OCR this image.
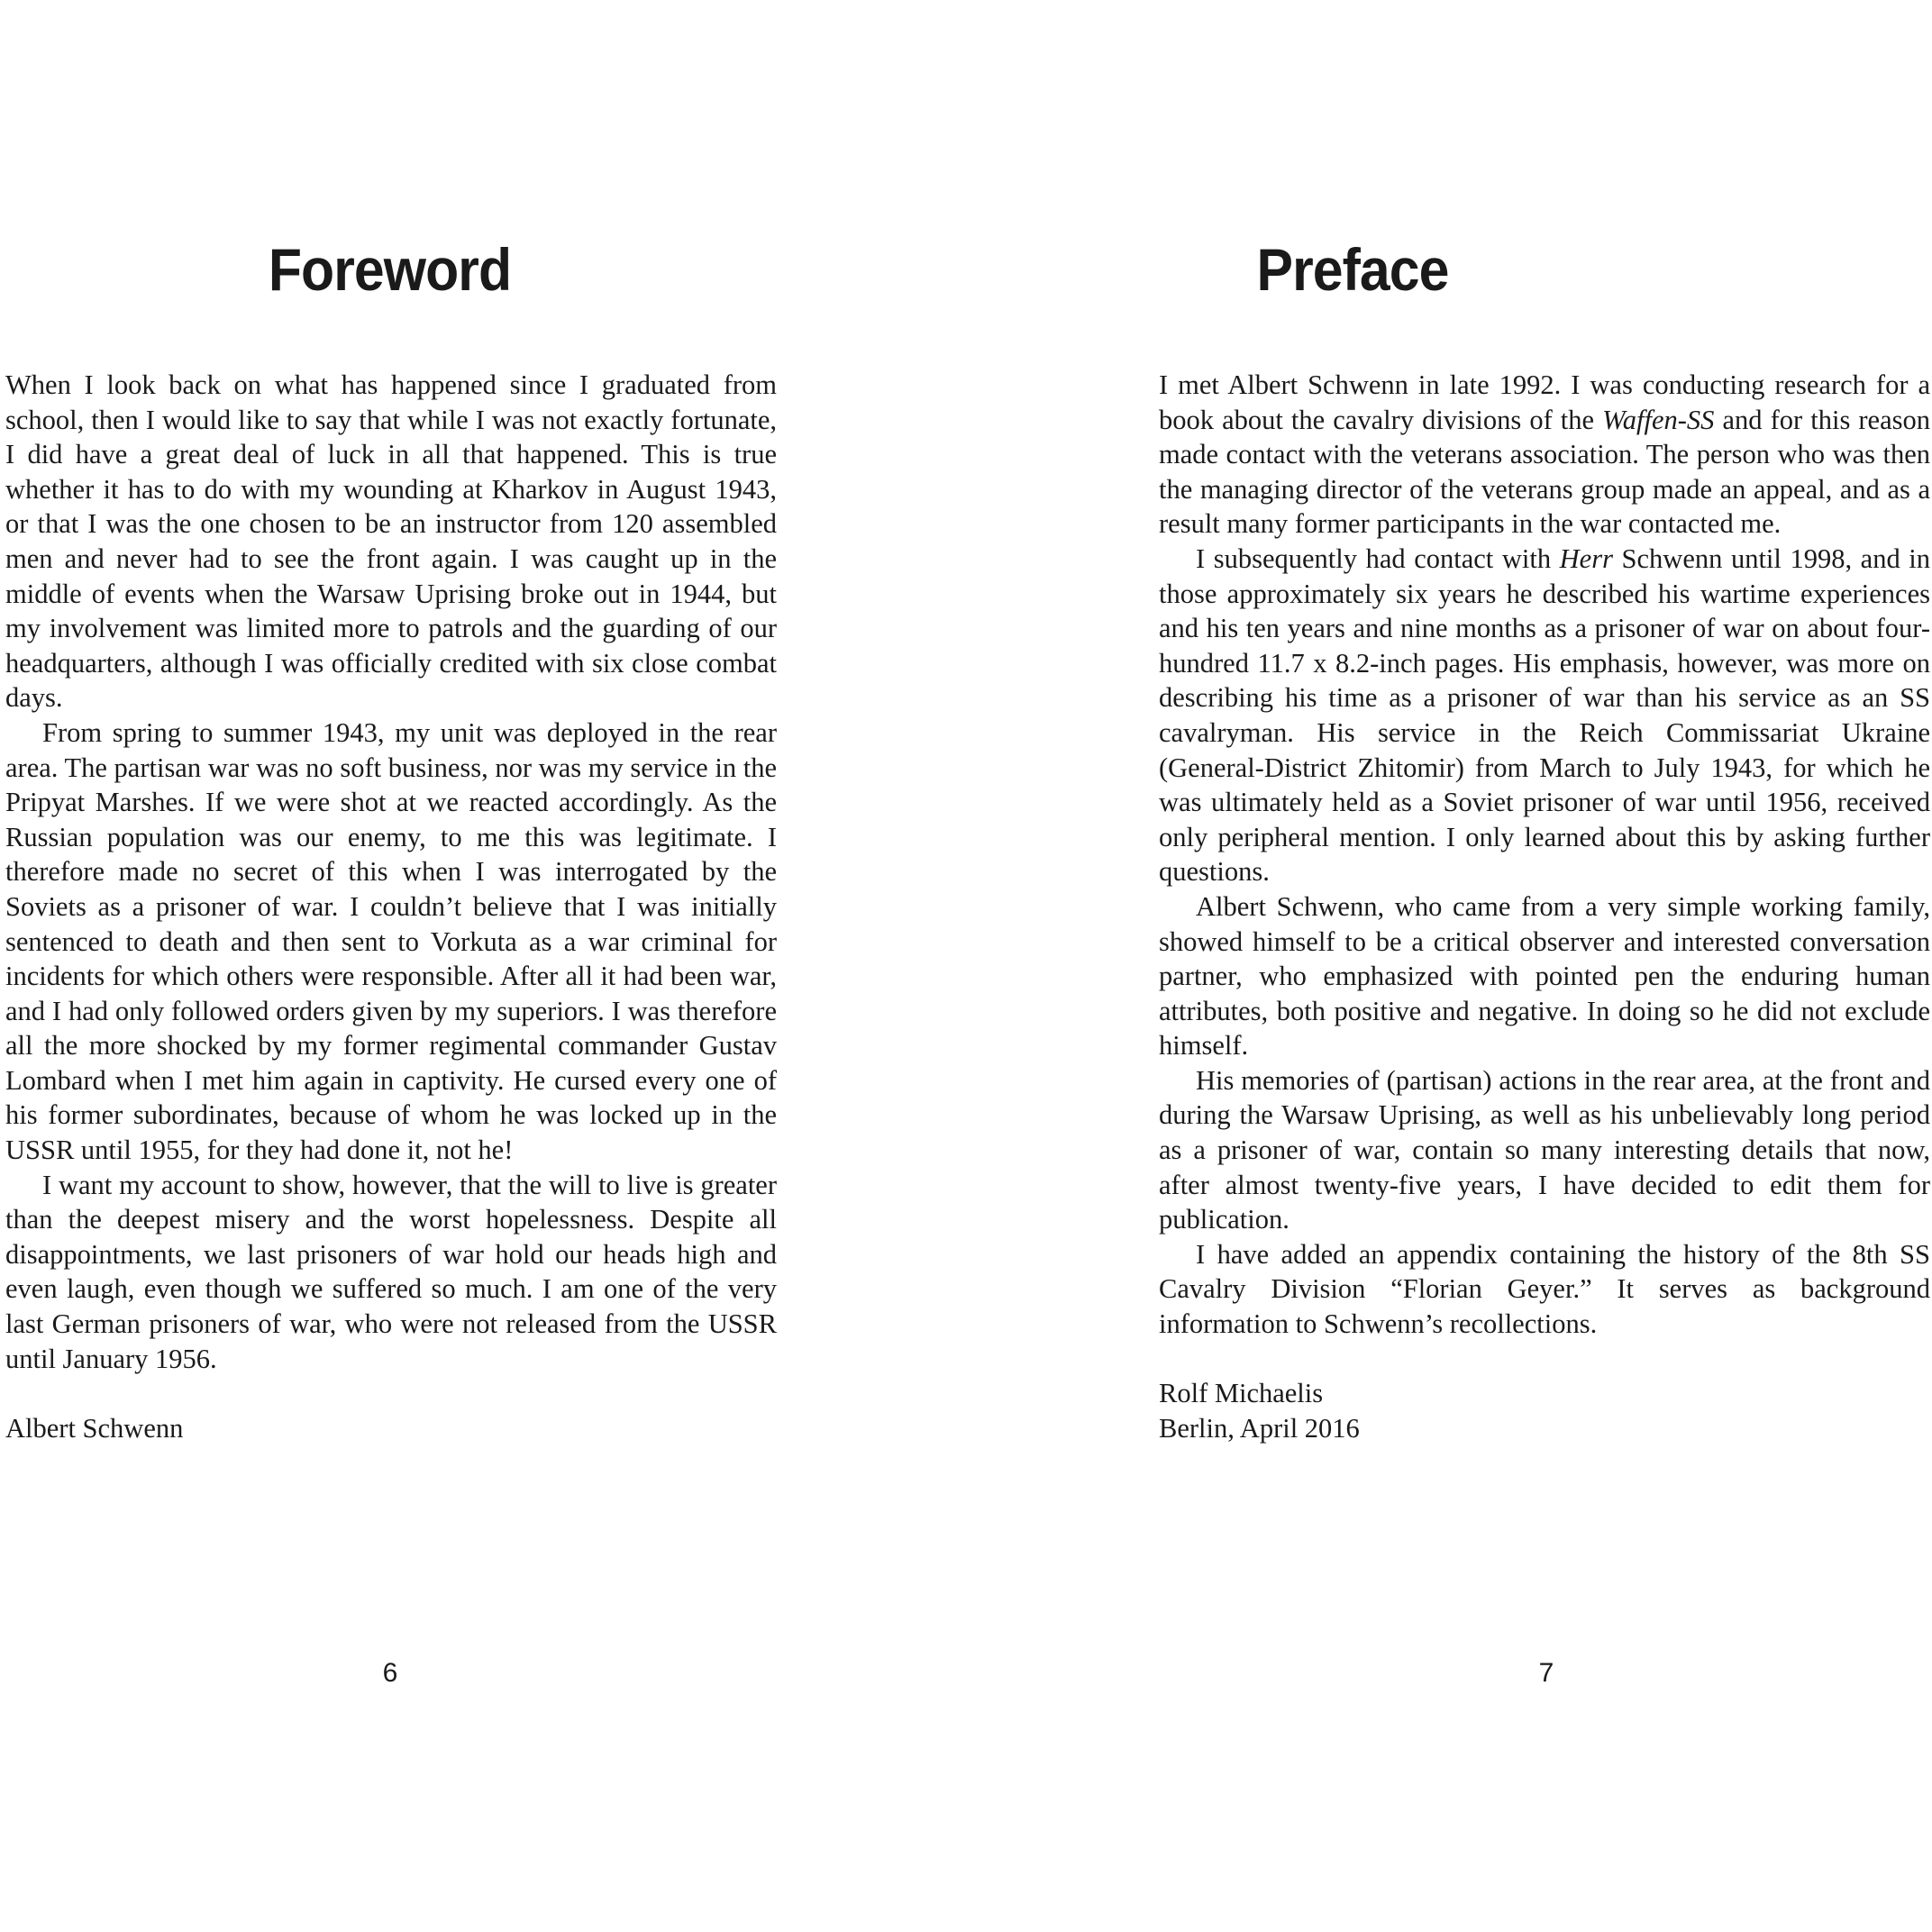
Foreword

When I look back on what has happened since I graduated from school, then I would like to say that while I was not exactly fortunate, I did have a great deal of luck in all that happened. This is true whether it has to do with my wounding at Kharkov in August 1943, or that I was the one chosen to be an instructor from 120 assembled men and never had to see the front again. I was caught up in the middle of events when the Warsaw Uprising broke out in 1944, but my involvement was limited more to patrols and the guarding of our headquarters, although I was officially credited with six close combat days.

From spring to summer 1943, my unit was deployed in the rear area. The partisan war was no soft business, nor was my service in the Pripyat Marshes. If we were shot at we reacted accordingly. As the Russian population was our enemy, to me this was legitimate. I therefore made no secret of this when I was interrogated by the Soviets as a prisoner of war. I couldn’t believe that I was initially sentenced to death and then sent to Vorkuta as a war criminal for incidents for which others were responsible. After all it had been war, and I had only followed orders given by my superiors. I was therefore all the more shocked by my former regimental commander Gustav Lombard when I met him again in captivity. He cursed every one of his former subordinates, because of whom he was locked up in the USSR until 1955, for they had done it, not he!

I want my account to show, however, that the will to live is greater than the deepest misery and the worst hopelessness. Despite all disappointments, we last prisoners of war hold our heads high and even laugh, even though we suffered so much. I am one of the very last German prisoners of war, who were not released from the USSR until January 1956.

Albert Schwenn
6
Preface

I met Albert Schwenn in late 1992. I was conducting research for a book about the cavalry divisions of the Waffen-SS and for this reason made contact with the veterans association. The person who was then the managing director of the veterans group made an appeal, and as a result many former participants in the war contacted me.

I subsequently had contact with Herr Schwenn until 1998, and in those approximately six years he described his wartime experiences and his ten years and nine months as a prisoner of war on about four-hundred 11.7 x 8.2-inch pages. His emphasis, however, was more on describing his time as a prisoner of war than his service as an SS cavalryman. His service in the Reich Commissariat Ukraine (General-District Zhitomir) from March to July 1943, for which he was ultimately held as a Soviet prisoner of war until 1956, received only peripheral mention. I only learned about this by asking further questions.

Albert Schwenn, who came from a very simple working family, showed himself to be a critical observer and interested conversation partner, who emphasized with pointed pen the enduring human attributes, both positive and negative. In doing so he did not exclude himself.

His memories of (partisan) actions in the rear area, at the front and during the Warsaw Uprising, as well as his unbelievably long period as a prisoner of war, contain so many interesting details that now, after almost twenty-five years, I have decided to edit them for publication.

I have added an appendix containing the history of the 8th SS Cavalry Division “Florian Geyer.” It serves as background information to Schwenn’s recollections.

Rolf Michaelis
Berlin, April 2016
7
